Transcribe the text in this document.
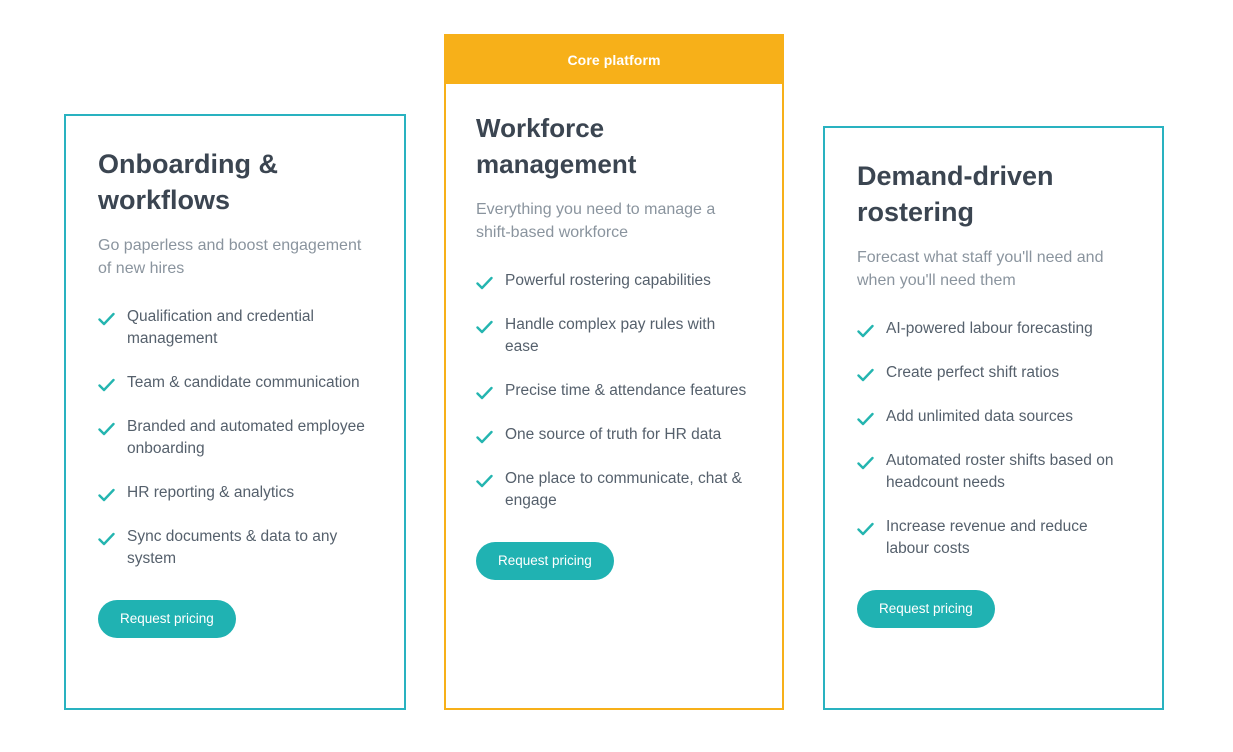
Onboarding & workflows

Go paperless and boost engagement of new hires

Qualification and credential management
Team & candidate communication
Branded and automated employee onboarding
HR reporting & analytics
Sync documents & data to any system
Request pricing
Core platform
Workforce management

Everything you need to manage a shift-based workforce

Powerful rostering capabilities
Handle complex pay rules with ease
Precise time & attendance features
One source of truth for HR data
One place to communicate, chat & engage
Request pricing
Demand-driven rostering

Forecast what staff you'll need and when you'll need them

AI-powered labour forecasting
Create perfect shift ratios
Add unlimited data sources
Automated roster shifts based on headcount needs
Increase revenue and reduce labour costs
Request pricing
